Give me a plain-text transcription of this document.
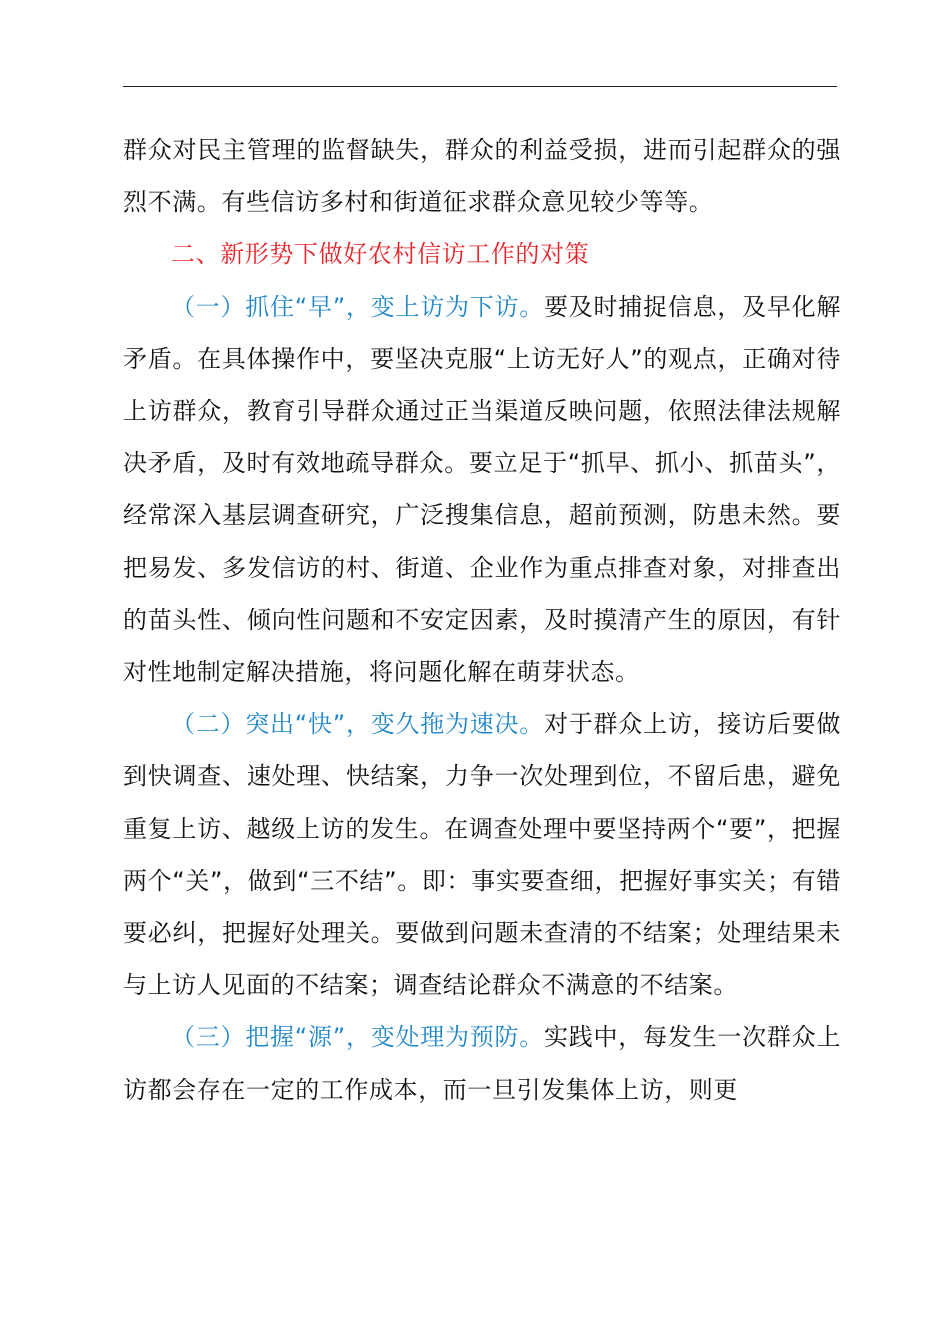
群众对民主管理的监督缺失，群众的利益受损，进而引起群众的强烈不满。有些信访多村和街道征求群众意见较少等等。

二、新形势下做好农村信访工作的对策

（一）抓住“早”，变上访为下访。要及时捕捉信息，及早化解矛盾。在具体操作中，要坚决克服“上访无好人”的观点，正确对待上访群众，教育引导群众通过正当渠道反映问题，依照法律法规解决矛盾，及时有效地疏导群众。要立足于“抓早、抓小、抓苗头”，经常深入基层调查研究，广泛搜集信息，超前预测，防患未然。要把易发、多发信访的村、街道、企业作为重点排查对象，对排查出的苗头性、倾向性问题和不安定因素，及时摸清产生的原因，有针对性地制定解决措施，将问题化解在萌芽状态。

（二）突出“快”，变久拖为速决。对于群众上访，接访后要做到快调查、速处理、快结案，力争一次处理到位，不留后患，避免重复上访、越级上访的发生。在调查处理中要坚持两个“要”，把握两个“关”，做到“三不结”。即：事实要查细，把握好事实关；有错要必纠，把握好处理关。要做到问题未查清的不结案；处理结果未与上访人见面的不结案；调查结论群众不满意的不结案。

（三）把握“源”，变处理为预防。实践中，每发生一次群众上访都会存在一定的工作成本，而一旦引发集体上访，则更
